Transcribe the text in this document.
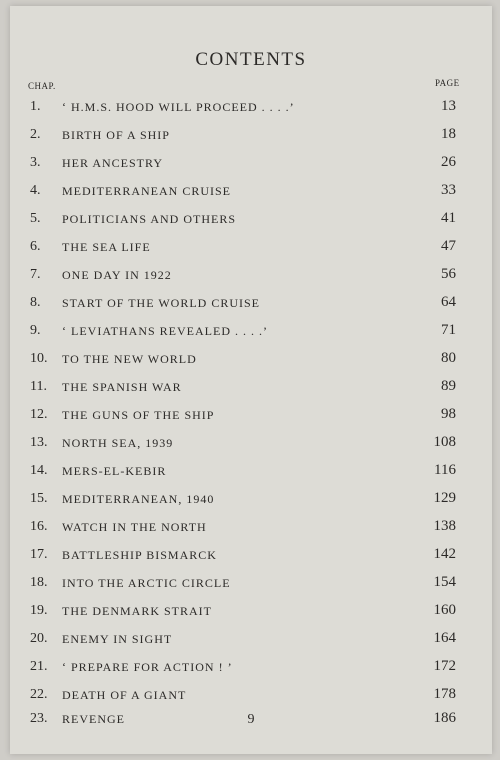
CONTENTS
CHAP.	PAGE
1. ‘ H.M.S. HOOD WILL PROCEED . . . .’	13
2. BIRTH OF A SHIP	18
3. HER ANCESTRY	26
4. MEDITERRANEAN CRUISE	33
5. POLITICIANS AND OTHERS	41
6. THE SEA LIFE	47
7. ONE DAY IN 1922	56
8. START OF THE WORLD CRUISE	64
9. ‘ LEVIATHANS REVEALED . . . .’	71
10. TO THE NEW WORLD	80
11. THE SPANISH WAR	89
12. THE GUNS OF THE SHIP	98
13. NORTH SEA, 1939	108
14. MERS-EL-KEBIR	116
15. MEDITERRANEAN, 1940	129
16. WATCH IN THE NORTH	138
17. BATTLESHIP BISMARCK	142
18. INTO THE ARCTIC CIRCLE	154
19. THE DENMARK STRAIT	160
20. ENEMY IN SIGHT	164
21. ‘ PREPARE FOR ACTION ! ’	172
22. DEATH OF A GIANT	178
23. REVENGE	186
9
